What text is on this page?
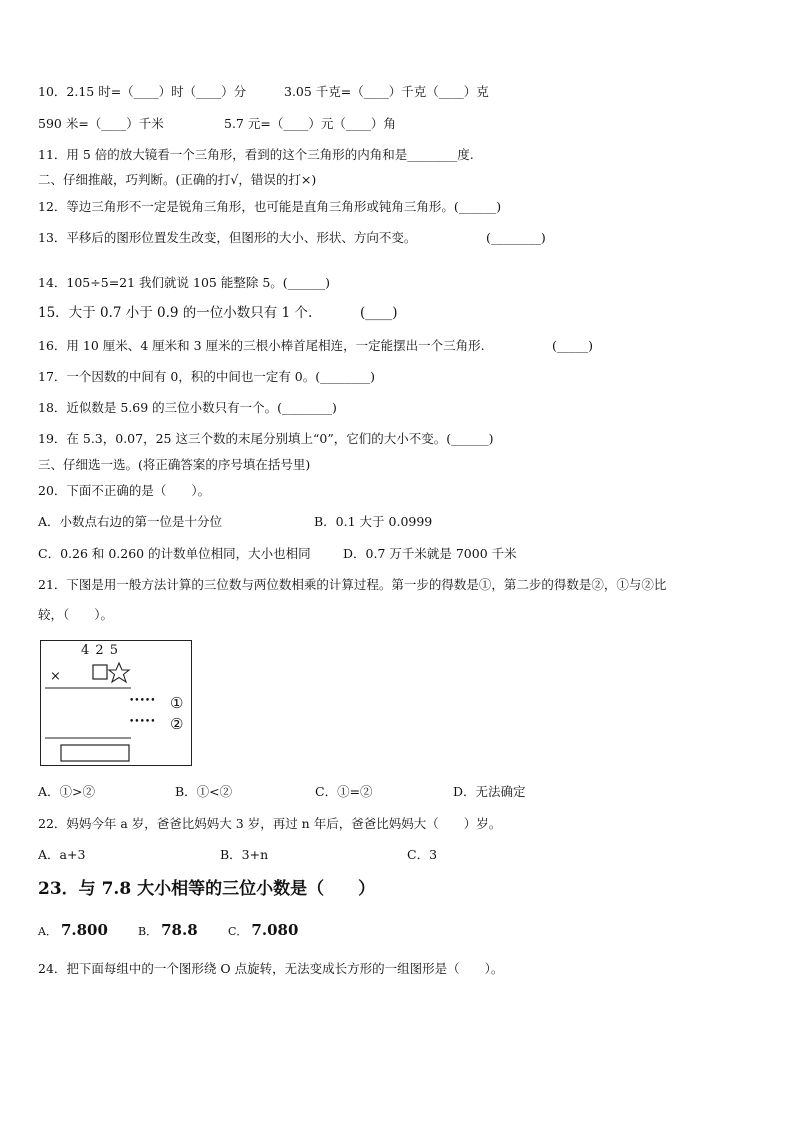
10．2.15 时=（____）时（____）分	3.05 千克=（____）千克（____）克
590 米=（____）千米	5.7 元=（____）元（____）角
11．用 5 倍的放大镜看一个三角形，看到的这个三角形的内角和是________度.
二、仔细推敲，巧判断。(正确的打√，错误的打×)
12．等边三角形不一定是锐角三角形，也可能是直角三角形或钝角三角形。(______)
13．平移后的图形位置发生改变，但图形的大小、形状、方向不变。	(________)
14．105÷5=21 我们就说 105 能整除 5。(______)
15．大于 0.7 小于 0.9 的一位小数只有 1 个.	(____)
16．用 10 厘米、4 厘米和 3 厘米的三根小棒首尾相连，一定能摆出一个三角形.	(_____)
17．一个因数的中间有 0，积的中间也一定有 0。(________)
18．近似数是 5.69 的三位小数只有一个。(________)
19．在 5.3，0.07，25 这三个数的末尾分别填上“0”，它们的大小不变。(______)
三、仔细选一选。(将正确答案的序号填在括号里)
20．下面不正确的是（　　）。
A．小数点右边的第一位是十分位	B．0.1 大于 0.0999
C．0.26 和 0.260 的计数单位相同，大小也相同	D．0.7 万千米就是 7000 千米
21．下图是用一般方法计算的三位数与两位数相乘的计算过程。第一步的得数是①，第二步的得数是②，①与②比
较，（　　）。
4 2 5
×
••••• ①
••••• ②
A．①>②	B．①<②	C．①=②	D．无法确定
22．妈妈今年 a 岁，爸爸比妈妈大 3 岁，再过 n 年后，爸爸比妈妈大（　　）岁。
A．a+3	B．3+n	C．3
23．与 7.8 大小相等的三位小数是（　　）
A． 7.800	B． 78.8	C． 7.080
24．把下面每组中的一个图形绕 O 点旋转，无法变成长方形的一组图形是（　　）。
